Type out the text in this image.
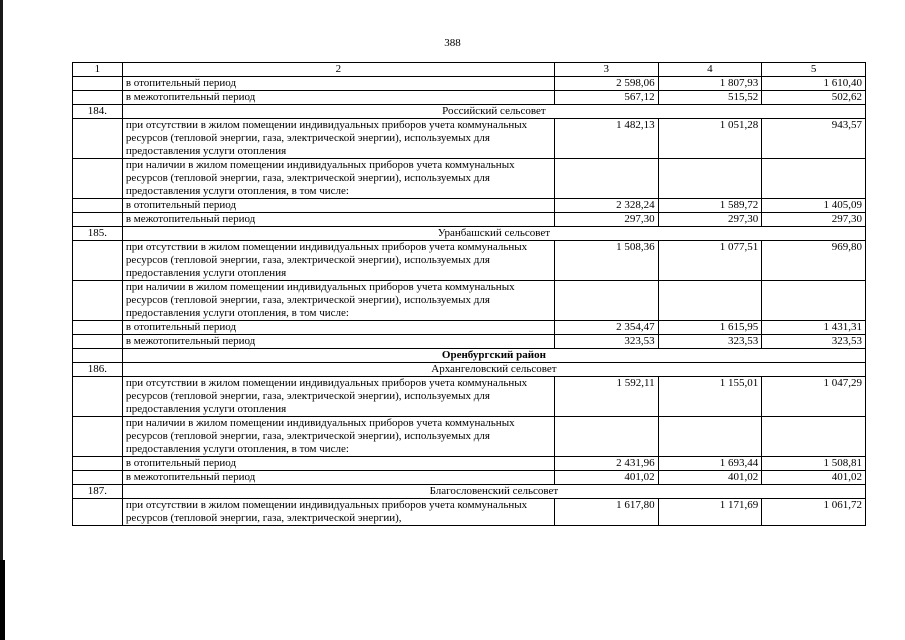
388
1	2	3	4	5
	в отопительный период	2 598,06	1 807,93	1 610,40
	в межотопительный период	567,12	515,52	502,62
184.	Российский сельсовет			
	при отсутствии в жилом помещении индивидуальных приборов учета коммунальных ресурсов (тепловой энергии, газа, электрической энергии), используемых для предоставления услуги отопления	1 482,13	1 051,28	943,57
	при наличии в жилом помещении индивидуальных приборов учета коммунальных ресурсов (тепловой энергии, газа, электрической энергии), используемых для предоставления услуги отопления, в том числе:			
	в отопительный период	2 328,24	1 589,72	1 405,09
	в межотопительный период	297,30	297,30	297,30
185.	Уранбашский сельсовет			
	при отсутствии в жилом помещении индивидуальных приборов учета коммунальных ресурсов (тепловой энергии, газа, электрической энергии), используемых для предоставления услуги отопления	1 508,36	1 077,51	969,80
	при наличии в жилом помещении индивидуальных приборов учета коммунальных ресурсов (тепловой энергии, газа, электрической энергии), используемых для предоставления услуги отопления, в том числе:			
	в отопительный период	2 354,47	1 615,95	1 431,31
	в межотопительный период	323,53	323,53	323,53
	Оренбургский район			
186.	Архангеловский сельсовет			
	при отсутствии в жилом помещении индивидуальных приборов учета коммунальных ресурсов (тепловой энергии, газа, электрической энергии), используемых для предоставления услуги отопления	1 592,11	1 155,01	1 047,29
	при наличии в жилом помещении индивидуальных приборов учета коммунальных ресурсов (тепловой энергии, газа, электрической энергии), используемых для предоставления услуги отопления, в том числе:			
	в отопительный период	2 431,96	1 693,44	1 508,81
	в межотопительный период	401,02	401,02	401,02
187.	Благословенский сельсовет			
	при отсутствии в жилом помещении индивидуальных приборов учета коммунальных ресурсов (тепловой энергии, газа, электрической энергии),	1 617,80	1 171,69	1 061,72
